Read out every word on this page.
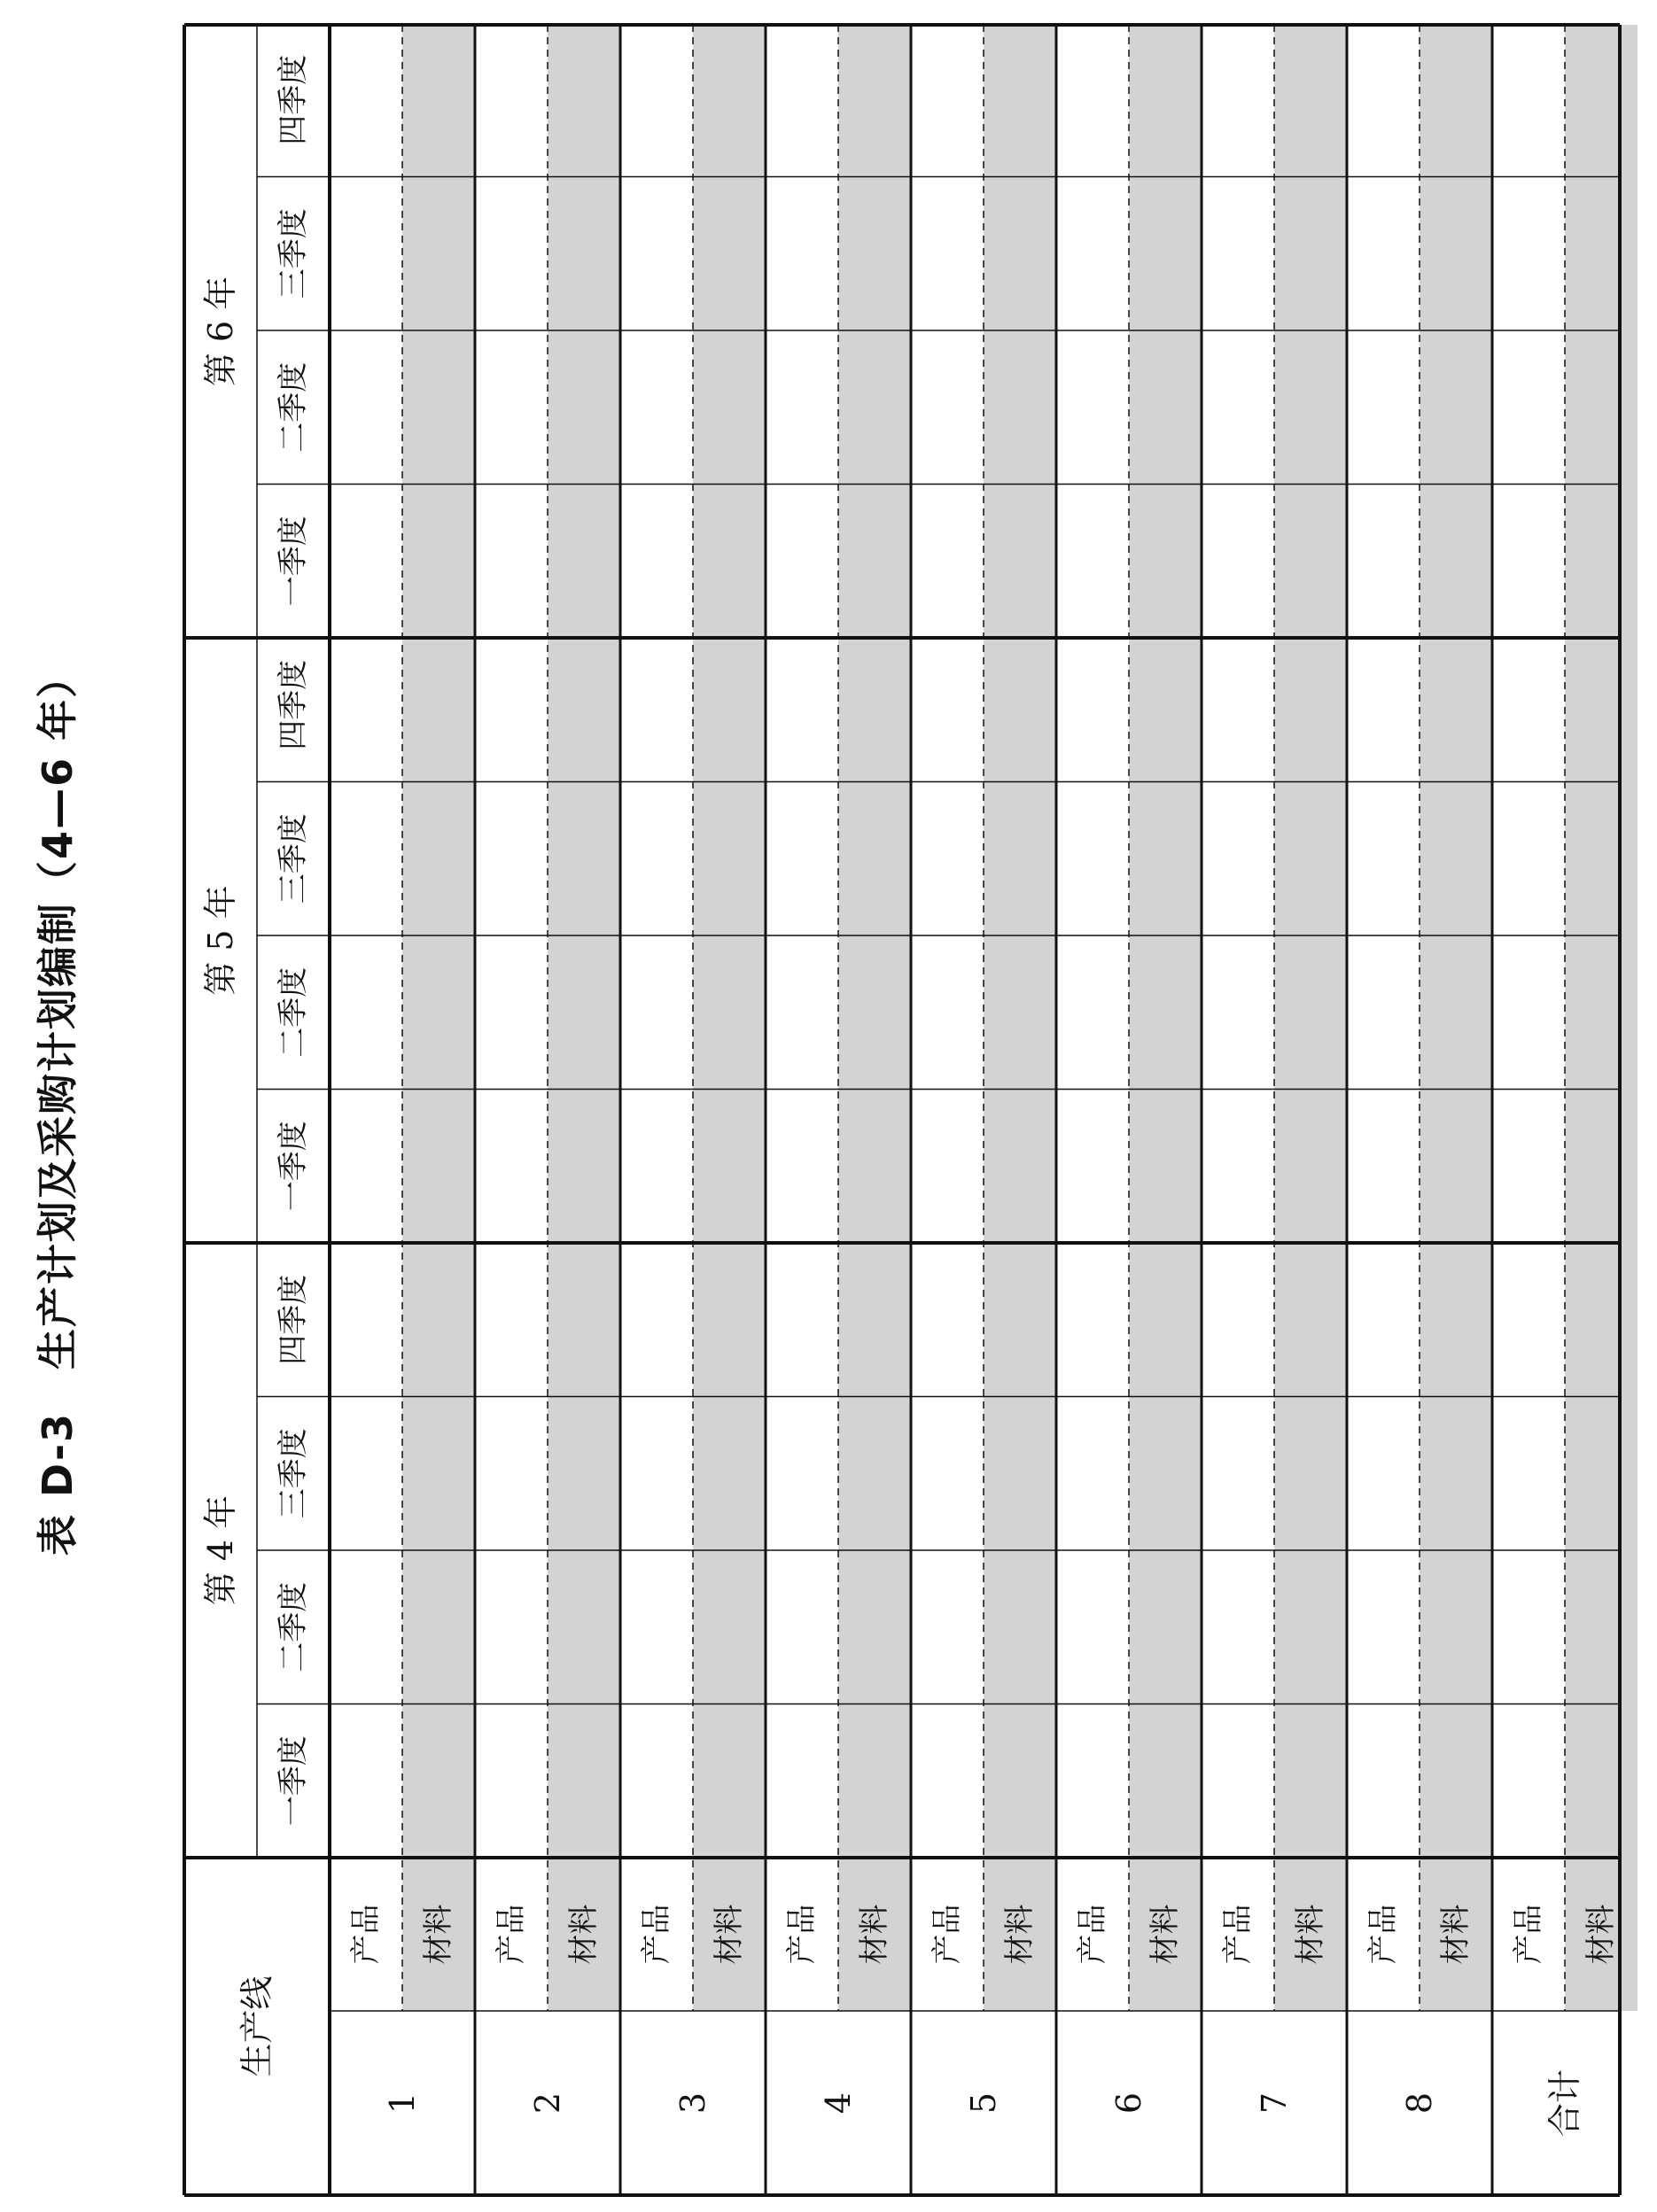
表 D-3　生产计划及采购计划编制（4—6 年）
生产线
第 4 年
一季度
二季度
三季度
四季度
第 5 年
一季度
二季度
三季度
四季度
第 6 年
一季度
二季度
三季度
四季度
1
产品 材料
2
产品 材料
3
产品 材料
4
产品 材料
5
产品 材料
6
产品 材料
7
产品 材料
8
产品 材料
合计
产品 材料
